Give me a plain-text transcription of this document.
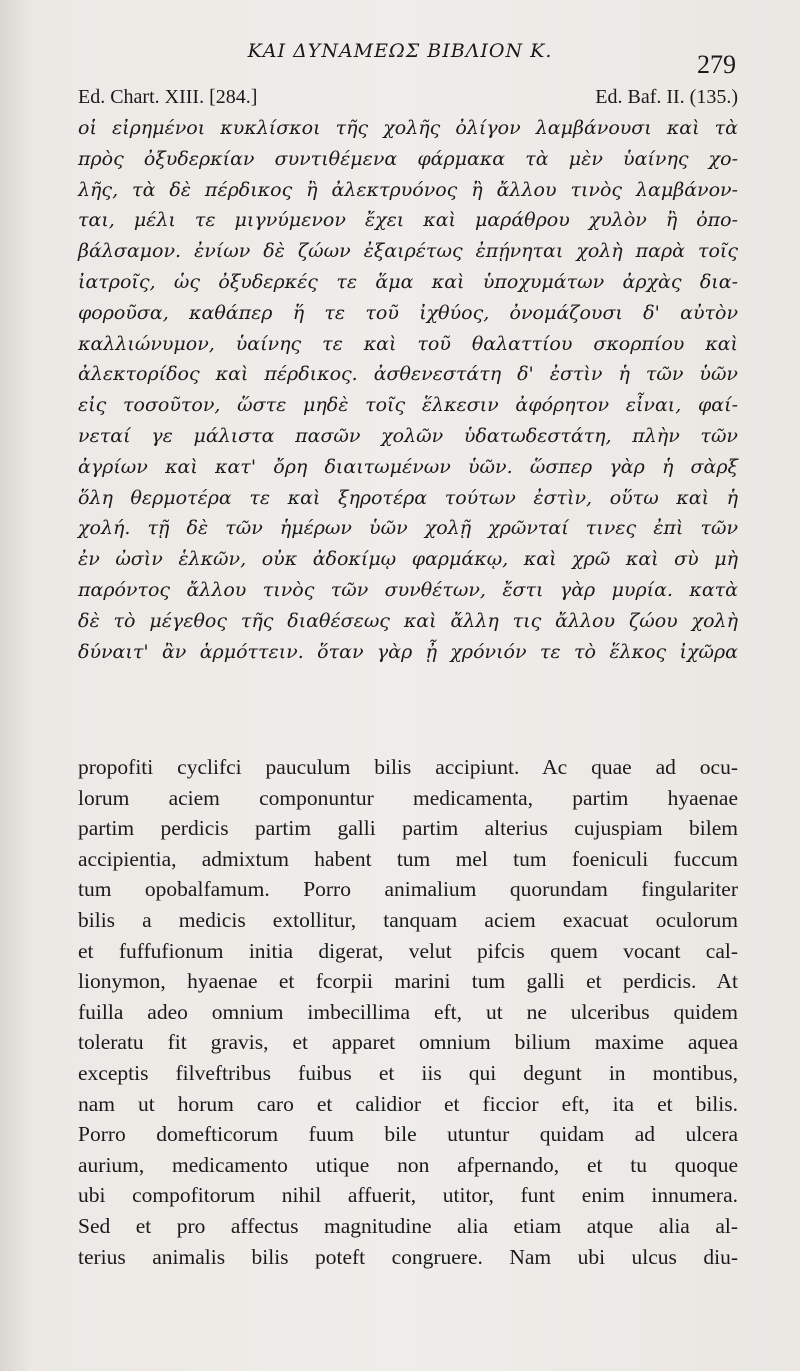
ΚΑΙ ΔΥΝΑΜΕΩΣ ΒΙΒΛΙΟΝ Κ.	279
Ed. Chart. XIII. [284.]	Ed. Baf. II. (135.)
οἱ εἰρημένοι κυκλίσκοι τῆς χολῆς ὀλίγον λαμβάνουσι καὶ τὰ
πρὸς ὀξυδερκίαν συντιθέμενα φάρμακα τὰ μὲν ὑαίνης χο-
λῆς, τὰ δὲ πέρδικος ἢ ἀλεκτρυόνος ἢ ἄλλου τινὸς λαμβάνον-
ται, μέλι τε μιγνύμενον ἔχει καὶ μαράθρου χυλὸν ἢ ὀπο-
βάλσαμον. ἐνίων δὲ ζώων ἐξαιρέτως ἐπῄνηται χολὴ παρὰ τοῖς
ἰατροῖς, ὡς ὀξυδερκές τε ἅμα καὶ ὑποχυμάτων ἀρχὰς δια-
φοροῦσα, καθάπερ ἥ τε τοῦ ἰχθύος, ὀνομάζουσι δ' αὐτὸν
καλλιώνυμον, ὑαίνης τε καὶ τοῦ θαλαττίου σκορπίου καὶ
ἀλεκτορίδος καὶ πέρδικος. ἀσθενεστάτη δ' ἐστὶν ἡ τῶν ὑῶν
εἰς τοσοῦτον, ὥστε μηδὲ τοῖς ἕλκεσιν ἀφόρητον εἶναι, φαί-
νεταί γε μάλιστα πασῶν χολῶν ὑδατωδεστάτη, πλὴν τῶν
ἀγρίων καὶ κατ' ὄρη διαιτωμένων ὑῶν. ὥσπερ γὰρ ἡ σὰρξ
ὅλη θερμοτέρα τε καὶ ξηροτέρα τούτων ἐστὶν, οὕτω καὶ ἡ
χολή. τῇ δὲ τῶν ἡμέρων ὑῶν χολῇ χρῶνταί τινες ἐπὶ τῶν
ἐν ὠσὶν ἑλκῶν, οὐκ ἀδοκίμῳ φαρμάκῳ, καὶ χρῶ καὶ σὺ μὴ
παρόντος ἄλλου τινὸς τῶν συνθέτων, ἔστι γὰρ μυρία. κατὰ
δὲ τὸ μέγεθος τῆς διαθέσεως καὶ ἄλλη τις ἄλλου ζώου χολὴ
δύναιτ' ἂν ἁρμόττειν. ὅταν γὰρ ᾖ χρόνιόν τε τὸ ἕλκος ἰχῶρα
propofiti cyclifci pauculum bilis accipiunt. Ac quae ad ocu-
lorum aciem componuntur medicamenta, partim hyaenae
partim perdicis partim galli partim alterius cujuspiam bilem
accipientia, admixtum habent tum mel tum foeniculi fuccum
tum opobalfamum. Porro animalium quorundam fingulariter
bilis a medicis extollitur, tanquam aciem exacuat oculorum
et fuffufionum initia digerat, velut pifcis quem vocant cal-
lionymon, hyaenae et fcorpii marini tum galli et perdicis. At
fuilla adeo omnium imbecillima eft, ut ne ulceribus quidem
toleratu fit gravis, et apparet omnium bilium maxime aquea
exceptis filveftribus fuibus et iis qui degunt in montibus,
nam ut horum caro et calidior et ficcior eft, ita et bilis.
Porro domefticorum fuum bile utuntur quidam ad ulcera
aurium, medicamento utique non afpernando, et tu quoque
ubi compofitorum nihil affuerit, utitor, funt enim innumera.
Sed et pro affectus magnitudine alia etiam atque alia al-
terius animalis bilis poteft congruere. Nam ubi ulcus diu-
